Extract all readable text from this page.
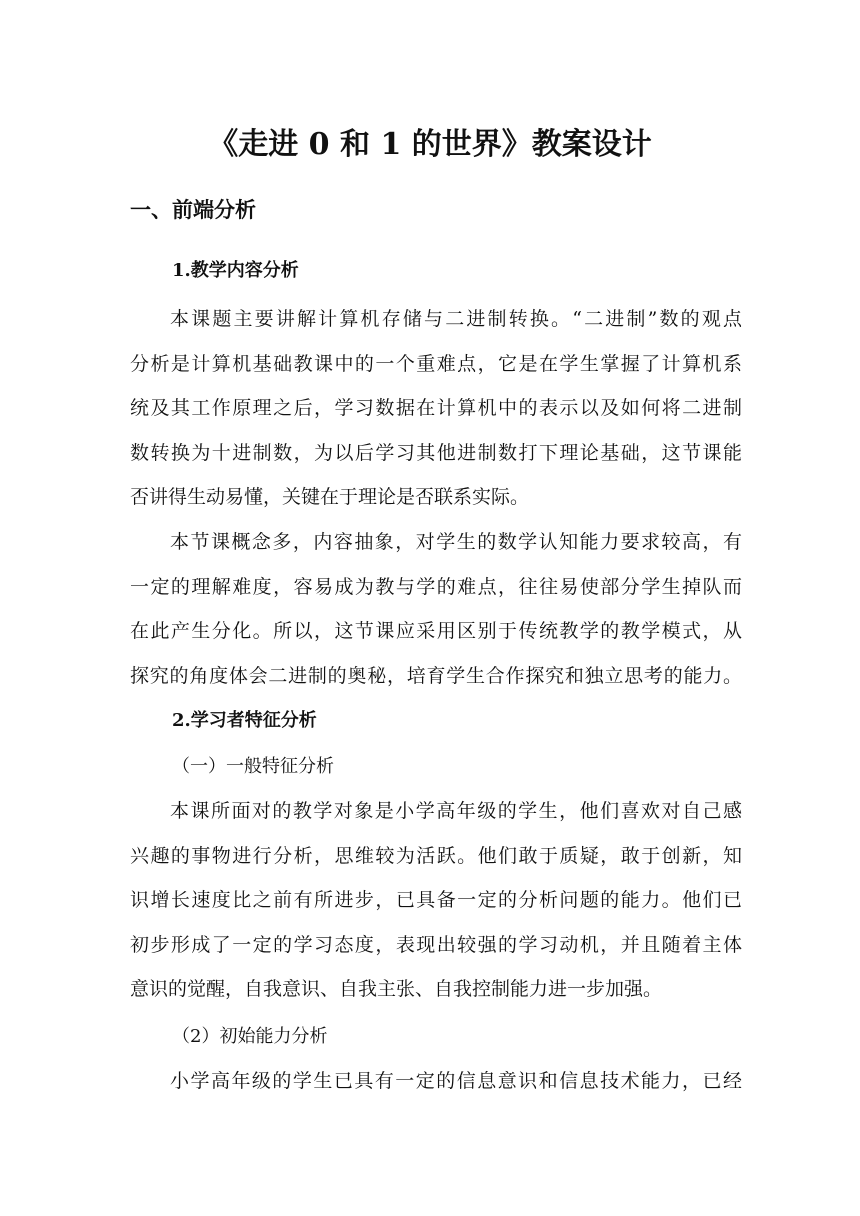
《走进 0 和 1 的世界》教案设计
一、前端分析
1.教学内容分析
本课题主要讲解计算机存储与二进制转换。“二进制”数的观点
分析是计算机基础教课中的一个重难点，它是在学生掌握了计算机系
统及其工作原理之后，学习数据在计算机中的表示以及如何将二进制
数转换为十进制数，为以后学习其他进制数打下理论基础，这节课能
否讲得生动易懂，关键在于理论是否联系实际。
本节课概念多，内容抽象，对学生的数学认知能力要求较高，有
一定的理解难度，容易成为教与学的难点，往往易使部分学生掉队而
在此产生分化。所以，这节课应采用区别于传统教学的教学模式，从
探究的角度体会二进制的奥秘，培育学生合作探究和独立思考的能力。
2.学习者特征分析
（一）一般特征分析
本课所面对的教学对象是小学高年级的学生，他们喜欢对自己感
兴趣的事物进行分析，思维较为活跃。他们敢于质疑，敢于创新，知
识增长速度比之前有所进步，已具备一定的分析问题的能力。他们已
初步形成了一定的学习态度，表现出较强的学习动机，并且随着主体
意识的觉醒，自我意识、自我主张、自我控制能力进一步加强。
（2）初始能力分析
小学高年级的学生已具有一定的信息意识和信息技术能力，已经
